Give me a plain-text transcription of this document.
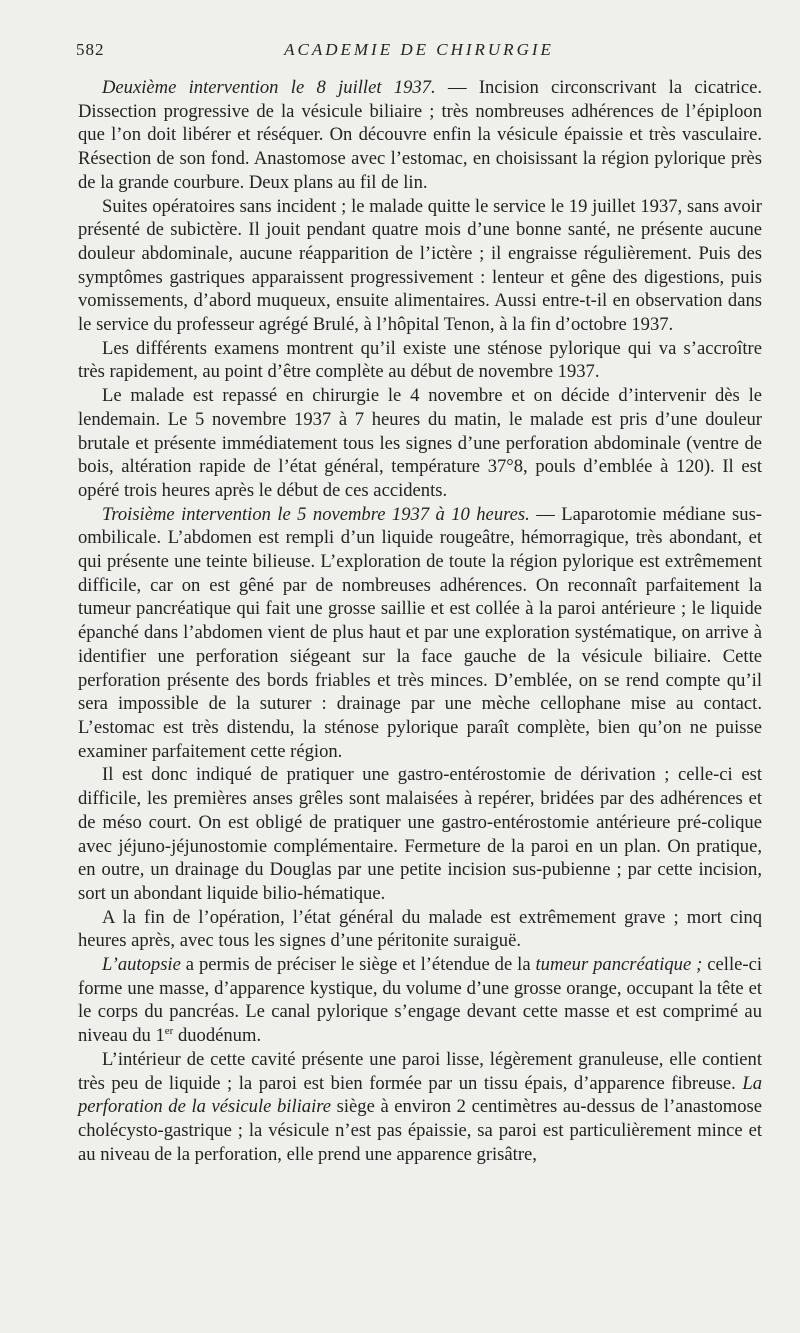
582	ACADEMIE DE CHIRURGIE

Deuxième intervention le 8 juillet 1937. — Incision circonscrivant la cicatrice. Dissection progressive de la vésicule biliaire ; très nombreuses adhérences de l’épiploon que l’on doit libérer et réséquer. On découvre enfin la vésicule épaissie et très vasculaire. Résection de son fond. Anastomose avec l’estomac, en choisissant la région pylorique près de la grande courbure. Deux plans au fil de lin.

Suites opératoires sans incident ; le malade quitte le service le 19 juillet 1937, sans avoir présenté de subictère. Il jouit pendant quatre mois d’une bonne santé, ne présente aucune douleur abdominale, aucune réapparition de l’ictère ; il engraisse régulièrement. Puis des symptômes gastriques apparaissent progressivement : lenteur et gêne des digestions, puis vomissements, d’abord muqueux, ensuite alimentaires. Aussi entre-t-il en observation dans le service du professeur agrégé Brulé, à l’hôpital Tenon, à la fin d’octobre 1937.

Les différents examens montrent qu’il existe une sténose pylorique qui va s’accroître très rapidement, au point d’être complète au début de novembre 1937.

Le malade est repassé en chirurgie le 4 novembre et on décide d’intervenir dès le lendemain. Le 5 novembre 1937 à 7 heures du matin, le malade est pris d’une douleur brutale et présente immédiatement tous les signes d’une perforation abdominale (ventre de bois, altération rapide de l’état général, température 37°8, pouls d’emblée à 120). Il est opéré trois heures après le début de ces accidents.

Troisième intervention le 5 novembre 1937 à 10 heures. — Laparotomie médiane sus-ombilicale. L’abdomen est rempli d’un liquide rougeâtre, hémorragique, très abondant, et qui présente une teinte bilieuse. L’exploration de toute la région pylorique est extrêmement difficile, car on est gêné par de nombreuses adhérences. On reconnaît parfaitement la tumeur pancréatique qui fait une grosse saillie et est collée à la paroi antérieure ; le liquide épanché dans l’abdomen vient de plus haut et par une exploration systématique, on arrive à identifier une perforation siégeant sur la face gauche de la vésicule biliaire. Cette perforation présente des bords friables et très minces. D’emblée, on se rend compte qu’il sera impossible de la suturer : drainage par une mèche cellophane mise au contact. L’estomac est très distendu, la sténose pylorique paraît complète, bien qu’on ne puisse examiner parfaitement cette région.

Il est donc indiqué de pratiquer une gastro-entérostomie de dérivation ; celle-ci est difficile, les premières anses grêles sont malaisées à repérer, bridées par des adhérences et de méso court. On est obligé de pratiquer une gastro-entérostomie antérieure pré-colique avec jéjuno-jéjunostomie complémentaire. Fermeture de la paroi en un plan. On pratique, en outre, un drainage du Douglas par une petite incision sus-pubienne ; par cette incision, sort un abondant liquide bilio-hématique.

A la fin de l’opération, l’état général du malade est extrêmement grave ; mort cinq heures après, avec tous les signes d’une péritonite suraiguë.

L’autopsie a permis de préciser le siège et l’étendue de la tumeur pancréatique ; celle-ci forme une masse, d’apparence kystique, du volume d’une grosse orange, occupant la tête et le corps du pancréas. Le canal pylorique s’engage devant cette masse et est comprimé au niveau du 1er duodénum.

L’intérieur de cette cavité présente une paroi lisse, légèrement granuleuse, elle contient très peu de liquide ; la paroi est bien formée par un tissu épais, d’apparence fibreuse. La perforation de la vésicule biliaire siège à environ 2 centimètres au-dessus de l’anastomose cholécysto-gastrique ; la vésicule n’est pas épaissie, sa paroi est particulièrement mince et au niveau de la perforation, elle prend une apparence grisâtre,
